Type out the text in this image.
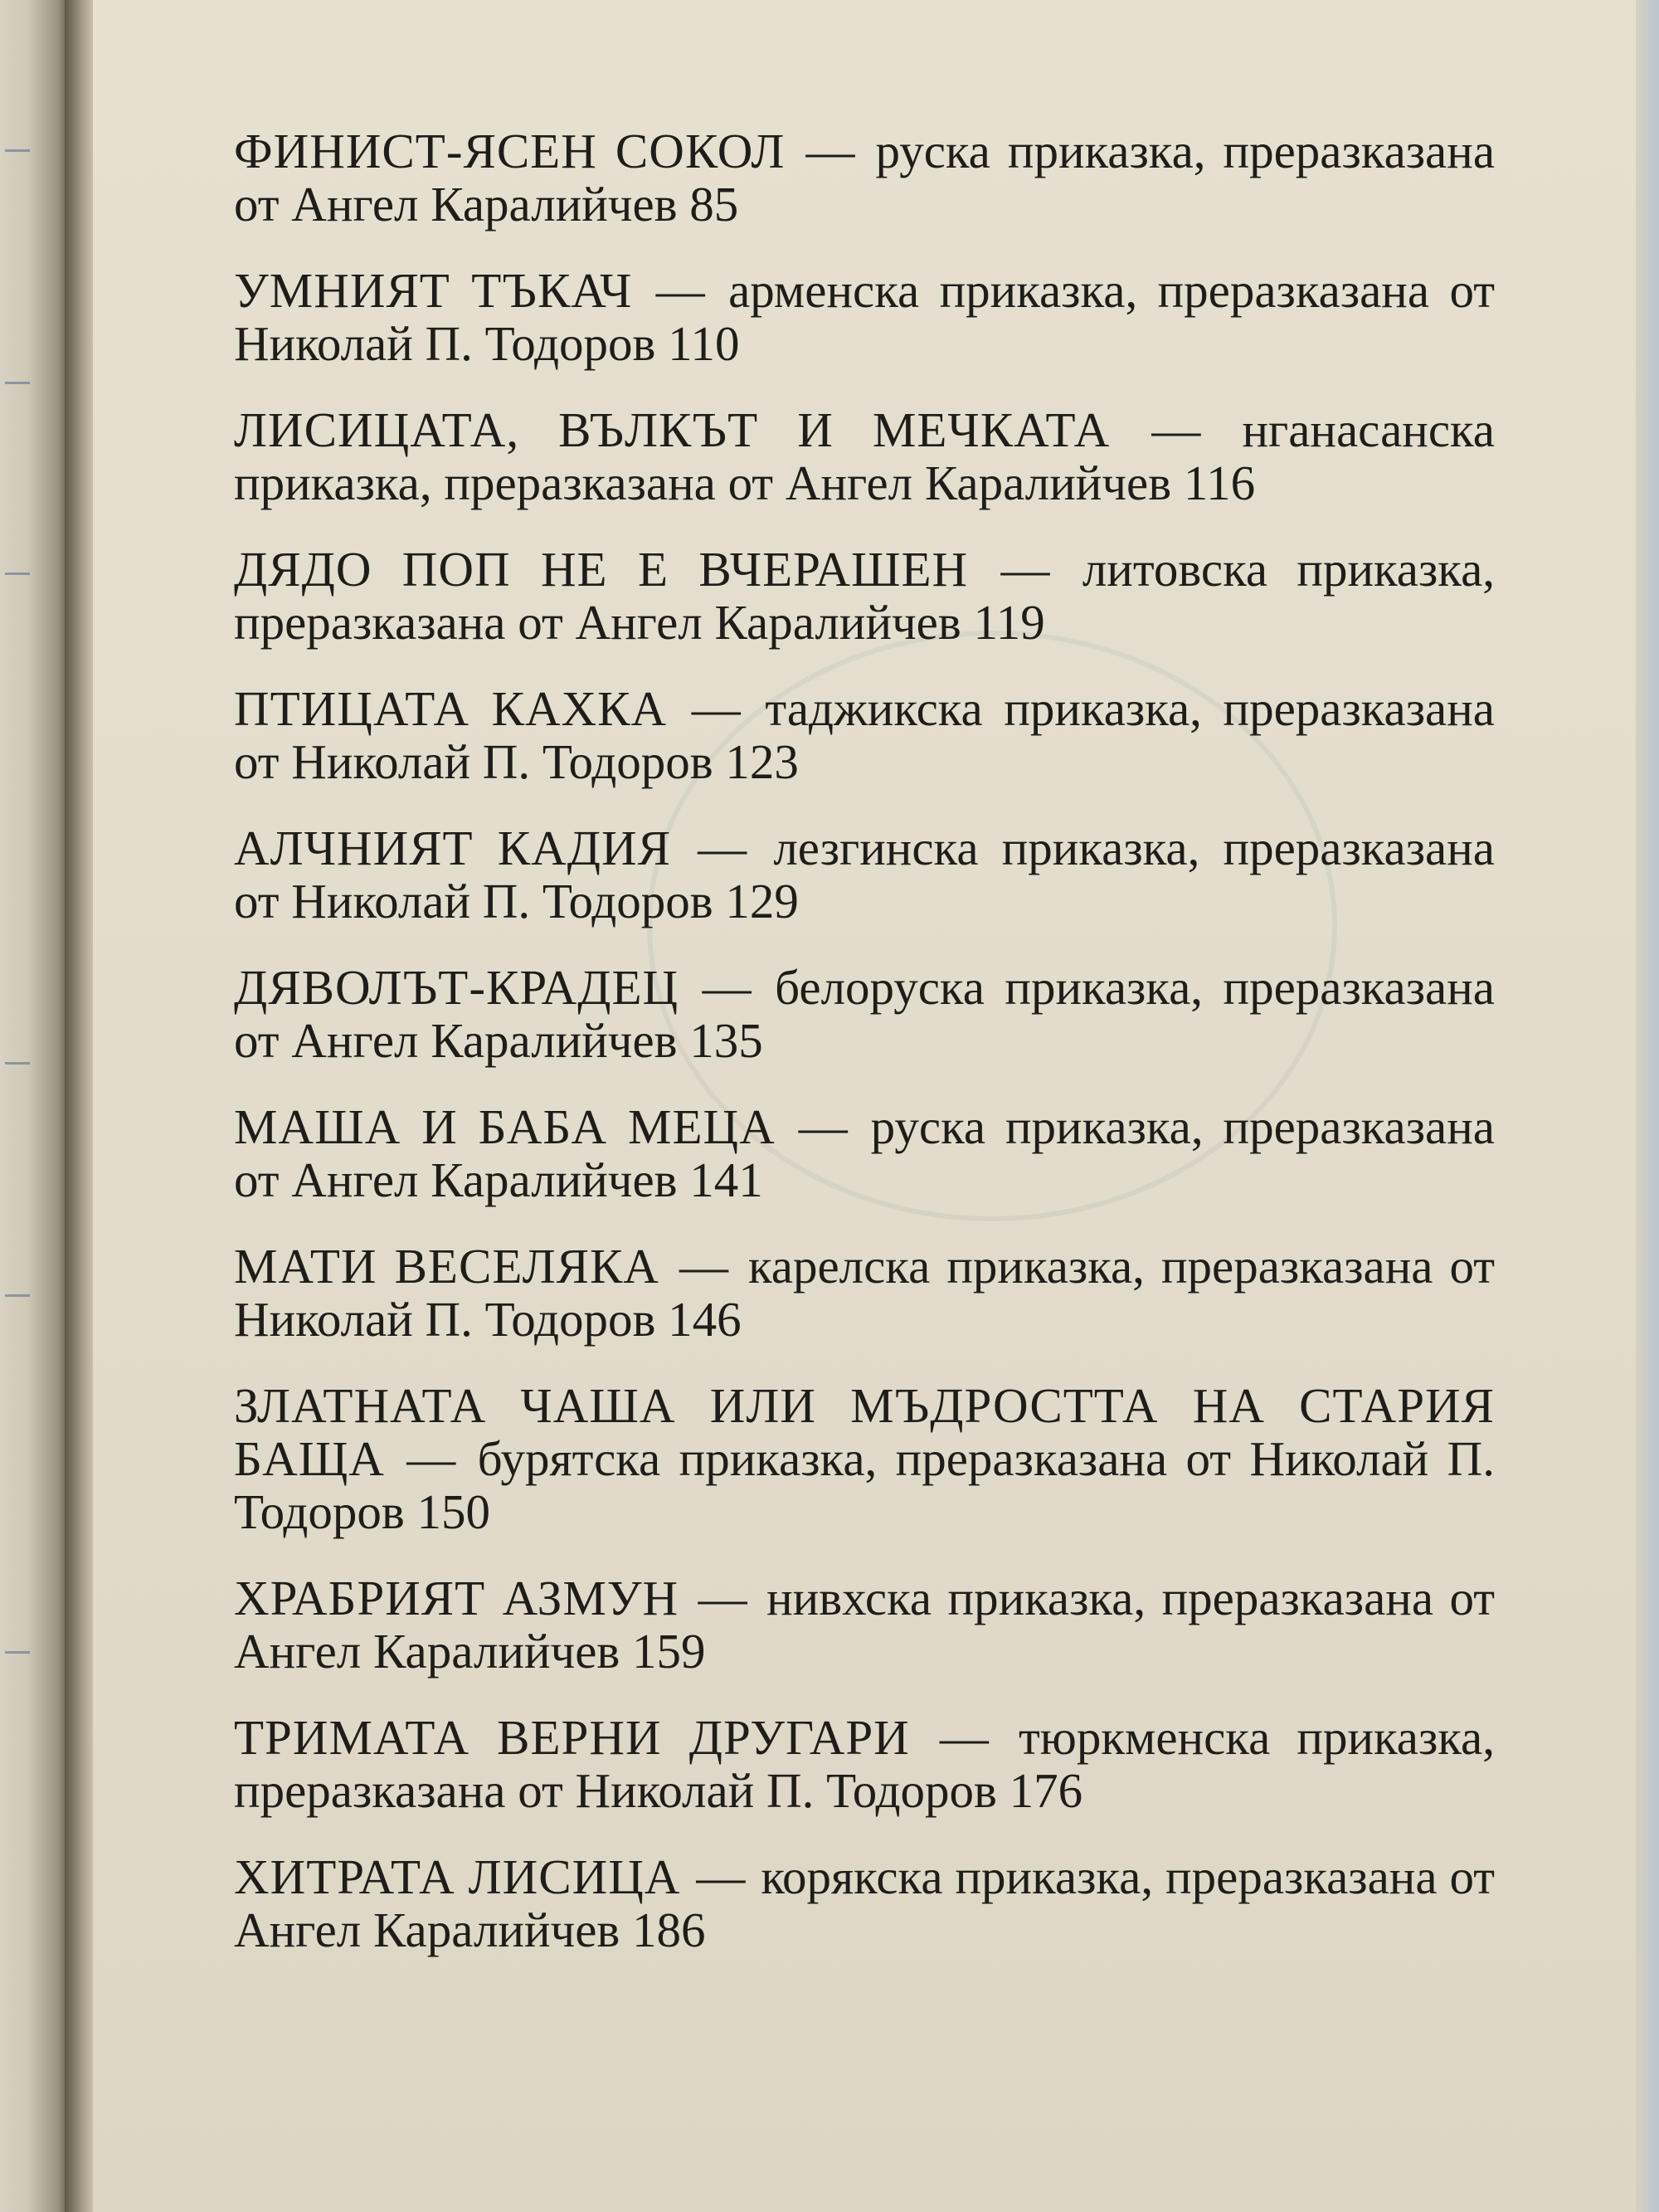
ФИНИСТ-ЯСЕН СОКОЛ — руска приказка, преразказана от Ангел Каралийчев 85

УМНИЯТ ТЪКАЧ — арменска приказка, преразказана от Николай П. Тодоров 110

ЛИСИЦАТА, ВЪЛКЪТ И МЕЧКАТА — нганасанска приказка, преразказана от Ангел Каралийчев 116

ДЯДО ПОП НЕ Е ВЧЕРАШЕН — литовска приказка, преразказана от Ангел Каралийчев 119

ПТИЦАТА КАХКА — таджикска приказка, преразказана от Николай П. Тодоров 123

АЛЧНИЯТ КАДИЯ — лезгинска приказка, преразказана от Николай П. Тодоров 129

ДЯВОЛЪТ-КРАДЕЦ — белоруска приказка, преразказана от Ангел Каралийчев 135

МАША И БАБА МЕЦА — руска приказка, преразказана от Ангел Каралийчев 141

МАТИ ВЕСЕЛЯКА — карелска приказка, преразказана от Николай П. Тодоров 146

ЗЛАТНАТА ЧАША ИЛИ МЪДРОСТТА НА СТАРИЯ БАЩА — бурятска приказка, преразказана от Николай П. Тодоров 150

ХРАБРИЯТ АЗМУН — нивхска приказка, преразказана от Ангел Каралийчев 159

ТРИМАТА ВЕРНИ ДРУГАРИ — тюркменска приказка, преразказана от Николай П. Тодоров 176

ХИТРАТА ЛИСИЦА — корякска приказка, преразказана от Ангел Каралийчев 186
